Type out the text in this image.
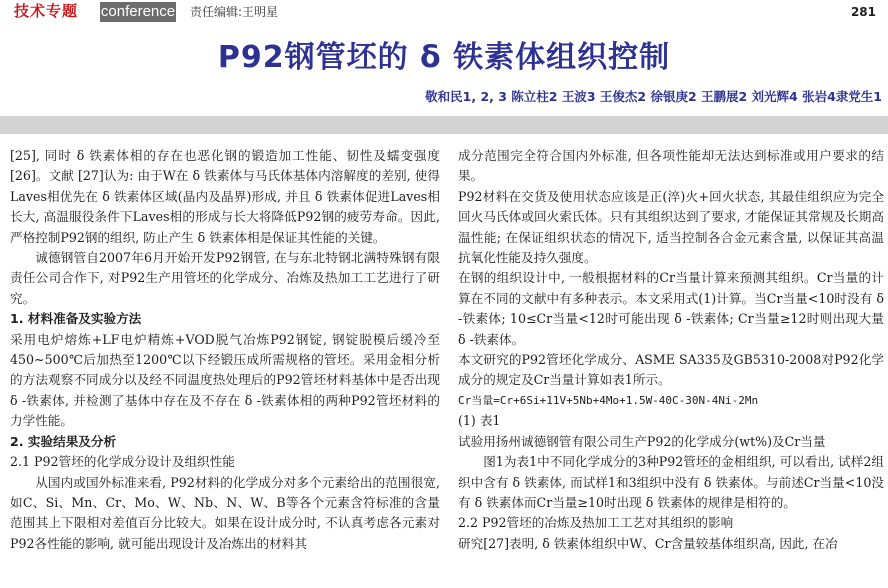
技术专题	conference 责任编辑:王明星	281
P92钢管坯的 δ 铁素体组织控制
敬和民1, 2, 3 陈立柱2 王波3 王俊杰2 徐银庚2 王鹏展2 刘光辉4 张岩4隶党生1

[25], 同时 δ 铁素体相的存在也恶化钢的锻造加工性能、韧性及蠕变强度 [26]。文献 [27]认为: 由于W在 δ 铁素体与马氏体基体内溶解度的差别, 使得Laves相优先在 δ 铁素体区域(晶内及晶界)形成, 并且 δ 铁素体促进Laves相长大, 高温服役条件下Laves相的形成与长大将降低P92钢的疲劳寿命。因此, 严格控制P92钢的组织, 防止产生 δ 铁素体相是保证其性能的关键。

诚德钢管自2007年6月开始开发P92钢管, 在与东北特钢北满特殊钢有限责任公司合作下, 对P92生产用管坯的化学成分、冶炼及热加工工艺进行了研究。

1. 材料准备及实验方法

采用电炉熔炼+LF电炉精炼+VOD脱气冶炼P92钢锭, 钢锭脱模后缓冷至450~500℃后加热至1200℃以下经锻压成所需规格的管坯。采用金相分析的方法观察不同成分以及经不同温度热处理后的P92管坯材料基体中是否出现 δ -铁素体, 并检测了基体中存在及不存在 δ -铁素体相的两种P92管坯材料的力学性能。

2. 实验结果及分析

2.1 P92管坯的化学成分设计及组织性能

从国内或国外标准来看, P92材料的化学成分对多个元素给出的范围很宽, 如C、Si、Mn、Cr、Mo、W、Nb、N、W、B等各个元素含符标准的含量范围其上下限相对差值百分比较大。如果在设计成分时, 不认真考虑各元素对P92各性能的影响, 就可能出现设计及冶炼出的材料其

成分范围完全符合国内外标准, 但各项性能却无法达到标准或用户要求的结果。

P92材料在交货及使用状态应该是正(淬)火+回火状态, 其最佳组织应为完全回火马氏体或回火索氏体。只有其组织达到了要求, 才能保证其常规及长期高温性能; 在保证组织状态的情况下, 适当控制各合金元素含量, 以保证其高温抗氧化性能及持久强度。

在钢的组织设计中, 一般根据材料的Cr当量计算来预测其组织。Cr当量的计算在不同的文献中有多种表示。本文采用式(1)计算。当Cr当量<10时没有 δ -铁素体; 10≤Cr当量<12时可能出现 δ -铁素体; Cr当量≥12时则出现大量 δ -铁素体。

本文研究的P92管坯化学成分、ASME SA335及GB5310-2008对P92化学成分的规定及Cr当量计算如表1所示。

Cr当量=Cr+6Si+11V+5Nb+4Mo+1.5W-40C-30N-4Ni-2Mn

(1) 表1

试验用扬州诚德钢管有限公司生产P92的化学成分(wt%)及Cr当量

图1为表1中不同化学成分的3种P92管坯的金相组织, 可以看出, 试样2组织中含有 δ 铁素体, 而试样1和3组织中没有 δ 铁素体。与前述Cr当量<10没有 δ 铁素体而Cr当量≥10时出现 δ 铁素体的规律是相符的。

2.2 P92管坯的冶炼及热加工工艺对其组织的影响

研究[27]表明, δ 铁素体组织中W、Cr含量较基体组织高, 因此, 在冶
